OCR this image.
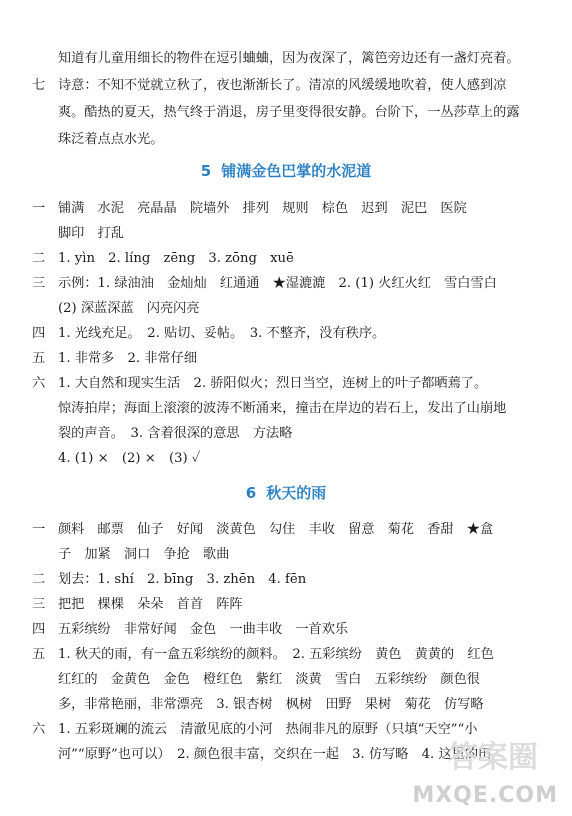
知道有儿童用细长的物件在逗引蛐蛐，因为夜深了，篱笆旁边还有一盏灯亮着。
七 诗意：不知不觉就立秋了，夜也渐渐长了。清凉的风缓缓地吹着，使人感到凉
爽。酷热的夏天，热气终于消退，房子里变得很安静。台阶下，一丛莎草上的露
珠泛着点点水光。
5 铺满金色巴掌的水泥道
一 铺满　水泥　亮晶晶　院墙外　排列　规则　棕色　迟到　泥巴　医院
脚印　打乱
二 1. yìn　2. líng　zēng　3. zōng　xuē
三 示例：1. 绿油油　金灿灿　红通通　★湿漉漉　2. (1) 火红火红　雪白雪白
(2) 深蓝深蓝　闪亮闪亮
四 1. 光线充足。　2. 贴切、妥帖。　3. 不整齐，没有秩序。
五 1. 非常多　2. 非常仔细
六 1. 大自然和现实生活　2. 骄阳似火；烈日当空，连树上的叶子都晒蔫了。
惊涛拍岸；海面上滚滚的波涛不断涌来，撞击在岸边的岩石上，发出了山崩地
裂的声音。　3. 含着很深的意思　方法略
4. (1) ×　(2) ×　(3) ✓
6 秋天的雨
一 颜料　邮票　仙子　好闻　淡黄色　勾住　丰收　留意　菊花　香甜　★盒
子　加紧　洞口　争抢　歌曲
二 划去：1. shí　2. bīng　3. zhēn　4. fēn
三 把把　棵棵　朵朵　首首　阵阵
四 五彩缤纷　非常好闻　金色　一曲丰收　一首欢乐
五 1. 秋天的雨，有一盒五彩缤纷的颜料。　2. 五彩缤纷　黄色　黄黄的　红色
红红的　金黄色　金色　橙红色　紫红　淡黄　雪白　五彩缤纷　颜色很
多，非常艳丽，非常漂亮　3. 银杏树　枫树　田野　果树　菊花　仿写略
六 1. 五彩斑斓的流云　清澈见底的小河　热闹非凡的原野（只填“天空”“小
河”“原野”也可以）　2. 颜色很丰富，交织在一起　3. 仿写略　4. 这里的田
答案圈
MXQE.COM
